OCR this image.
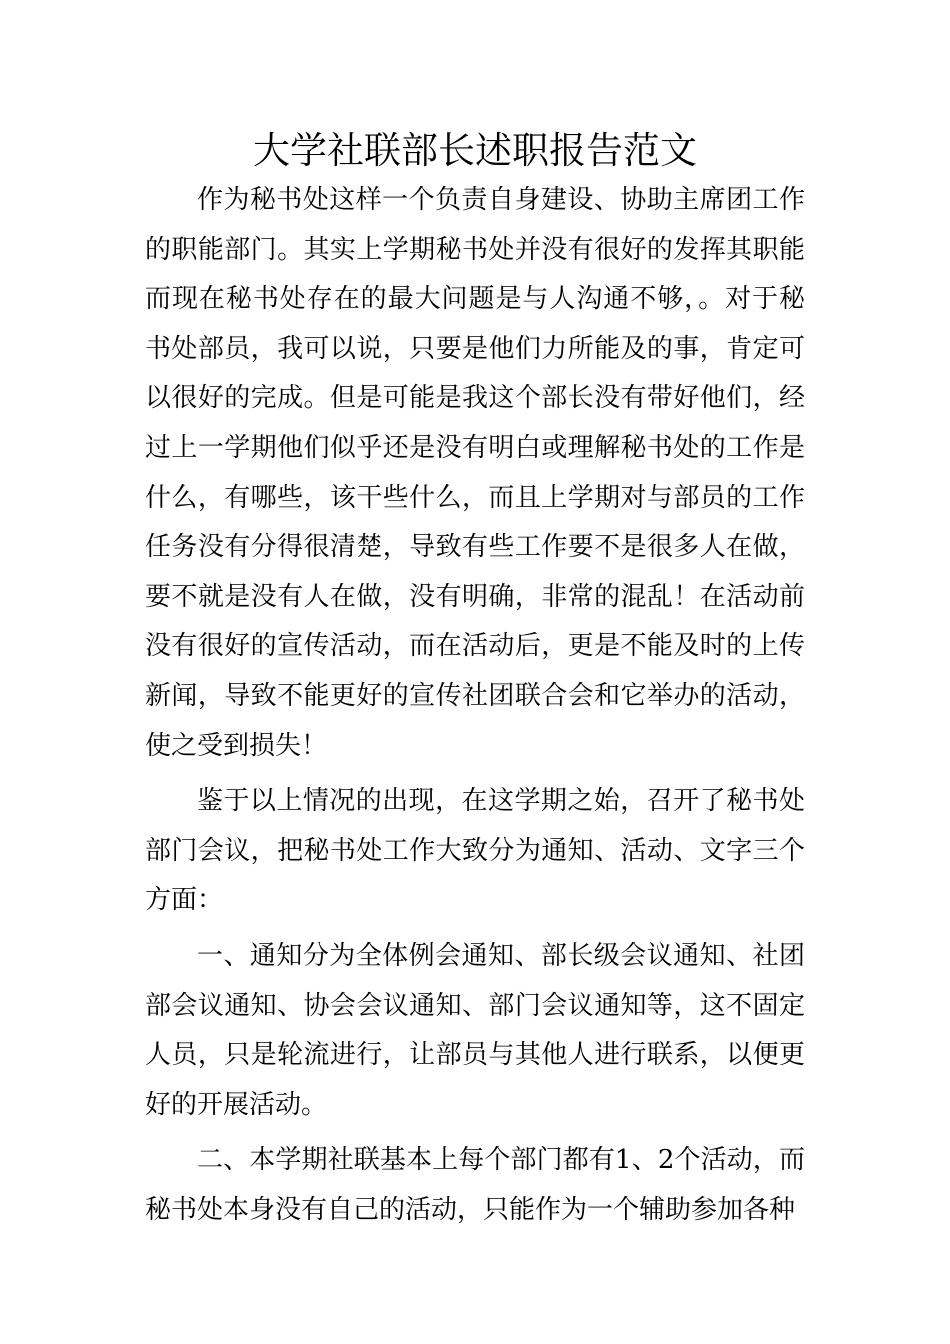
大学社联部长述职报告范文

作为秘书处这样一个负责自身建设、协助主席团工作的职能部门。其实上学期秘书处并没有很好的发挥其职能而现在秘书处存在的最大问题是与人沟通不够，。对于秘书处部员，我可以说，只要是他们力所能及的事，肯定可以很好的完成。但是可能是我这个部长没有带好他们，经过上一学期他们似乎还是没有明白或理解秘书处的工作是什么，有哪些，该干些什么，而且上学期对与部员的工作任务没有分得很清楚，导致有些工作要不是很多人在做，要不就是没有人在做，没有明确，非常的混乱！在活动前没有很好的宣传活动，而在活动后，更是不能及时的上传新闻，导致不能更好的宣传社团联合会和它举办的活动，使之受到损失！

鉴于以上情况的出现，在这学期之始，召开了秘书处部门会议，把秘书处工作大致分为通知、活动、文字三个方面：

一、通知分为全体例会通知、部长级会议通知、社团部会议通知、协会会议通知、部门会议通知等，这不固定人员，只是轮流进行，让部员与其他人进行联系，以便更好的开展活动。

二、本学期社联基本上每个部门都有1、2个活动，而秘书处本身没有自己的活动，只能作为一个辅助参加各种
